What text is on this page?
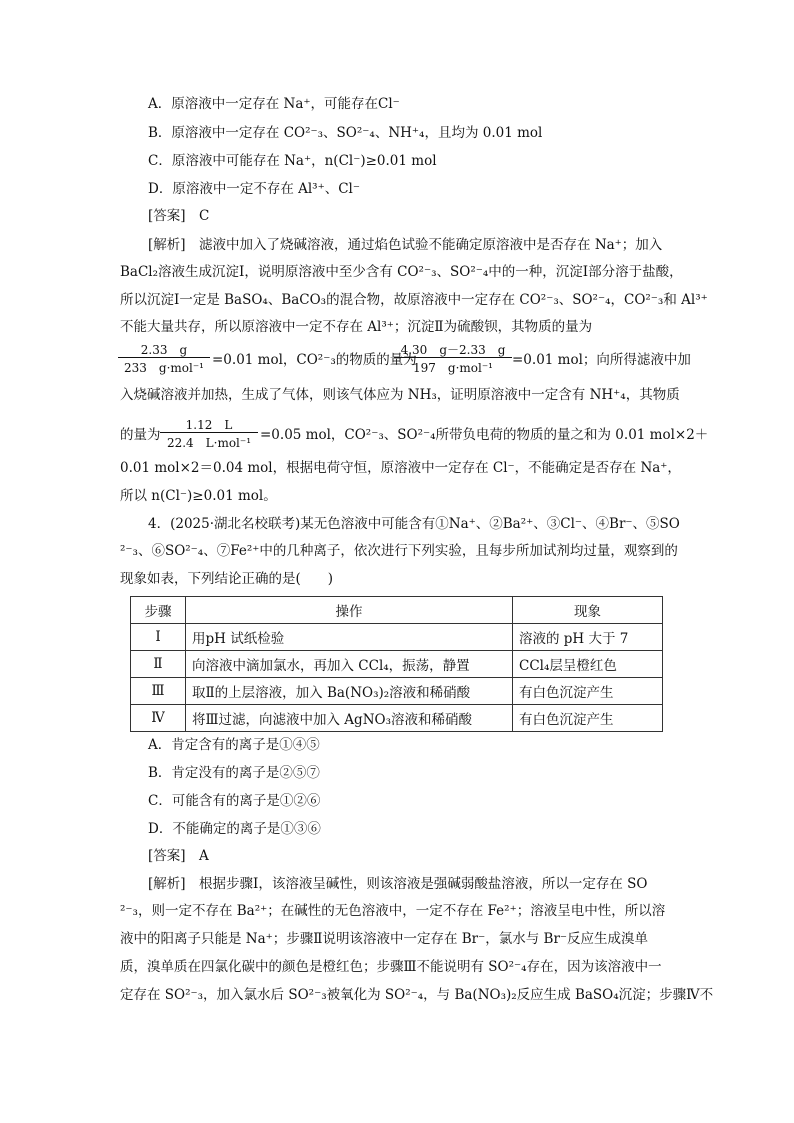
A．原溶液中一定存在 Na⁺，可能存在Cl⁻
B．原溶液中一定存在 CO²⁻₃、SO²⁻₄、NH⁺₄，且均为 0.01 mol
C．原溶液中可能存在 Na⁺，n(Cl⁻)≥0.01 mol
D．原溶液中一定不存在 Al³⁺、Cl⁻
[答案]　C
[解析]　滤液中加入了烧碱溶液，通过焰色试验不能确定原溶液中是否存在 Na⁺；加入
BaCl₂溶液生成沉淀Ⅰ，说明原溶液中至少含有 CO²⁻₃、SO²⁻₄中的一种，沉淀Ⅰ部分溶于盐酸，
所以沉淀Ⅰ一定是 BaSO₄、BaCO₃的混合物，故原溶液中一定存在 CO²⁻₃、SO²⁻₄，CO²⁻₃和 Al³⁺
不能大量共存，所以原溶液中一定不存在 Al³⁺；沉淀Ⅱ为硫酸钡，其物质的量为
2.33　g
233　g·mol⁻¹ =0.01 mol，CO²⁻₃的物质的量为
4.30　g－2.33　g
197　g·mol⁻¹	=0.01 mol；向所得滤液中加
入烧碱溶液并加热，生成了气体，则该气体应为 NH₃，证明原溶液中一定含有 NH⁺₄，其物质
的量为
1.12　L
22.4　L·mol⁻¹ =0.05 mol，CO²⁻₃、SO²⁻₄所带负电荷的物质的量之和为 0.01 mol×2＋
0.01 mol×2＝0.04 mol，根据电荷守恒，原溶液中一定存在 Cl⁻，不能确定是否存在 Na⁺，
所以 n(Cl⁻)≥0.01 mol。
4．(2025·湖北名校联考)某无色溶液中可能含有①Na⁺、②Ba²⁺、③Cl⁻、④Br⁻、⑤SO
²⁻₃、⑥SO²⁻₄、⑦Fe²⁺中的几种离子，依次进行下列实验，且每步所加试剂均过量，观察到的
现象如表，下列结论正确的是(　　)
步骤	操作	现象
Ⅰ	用pH 试纸检验	溶液的 pH 大于 7
Ⅱ	向溶液中滴加氯水，再加入 CCl₄，振荡，静置	CCl₄层呈橙红色
Ⅲ	取Ⅱ的上层溶液，加入 Ba(NO₃)₂溶液和稀硝酸	有白色沉淀产生
Ⅳ	将Ⅲ过滤，向滤液中加入 AgNO₃溶液和稀硝酸	有白色沉淀产生
A．肯定含有的离子是①④⑤
B．肯定没有的离子是②⑤⑦
C．可能含有的离子是①②⑥
D．不能确定的离子是①③⑥
[答案]　A
[解析]　根据步骤Ⅰ，该溶液呈碱性，则该溶液是强碱弱酸盐溶液，所以一定存在 SO
²⁻₃，则一定不存在 Ba²⁺；在碱性的无色溶液中，一定不存在 Fe²⁺；溶液呈电中性，所以溶
液中的阳离子只能是 Na⁺；步骤Ⅱ说明该溶液中一定存在 Br⁻，氯水与 Br⁻反应生成溴单
质，溴单质在四氯化碳中的颜色是橙红色；步骤Ⅲ不能说明有 SO²⁻₄存在，因为该溶液中一
定存在 SO²⁻₃，加入氯水后 SO²⁻₃被氧化为 SO²⁻₄，与 Ba(NO₃)₂反应生成 BaSO₄沉淀；步骤Ⅳ不
